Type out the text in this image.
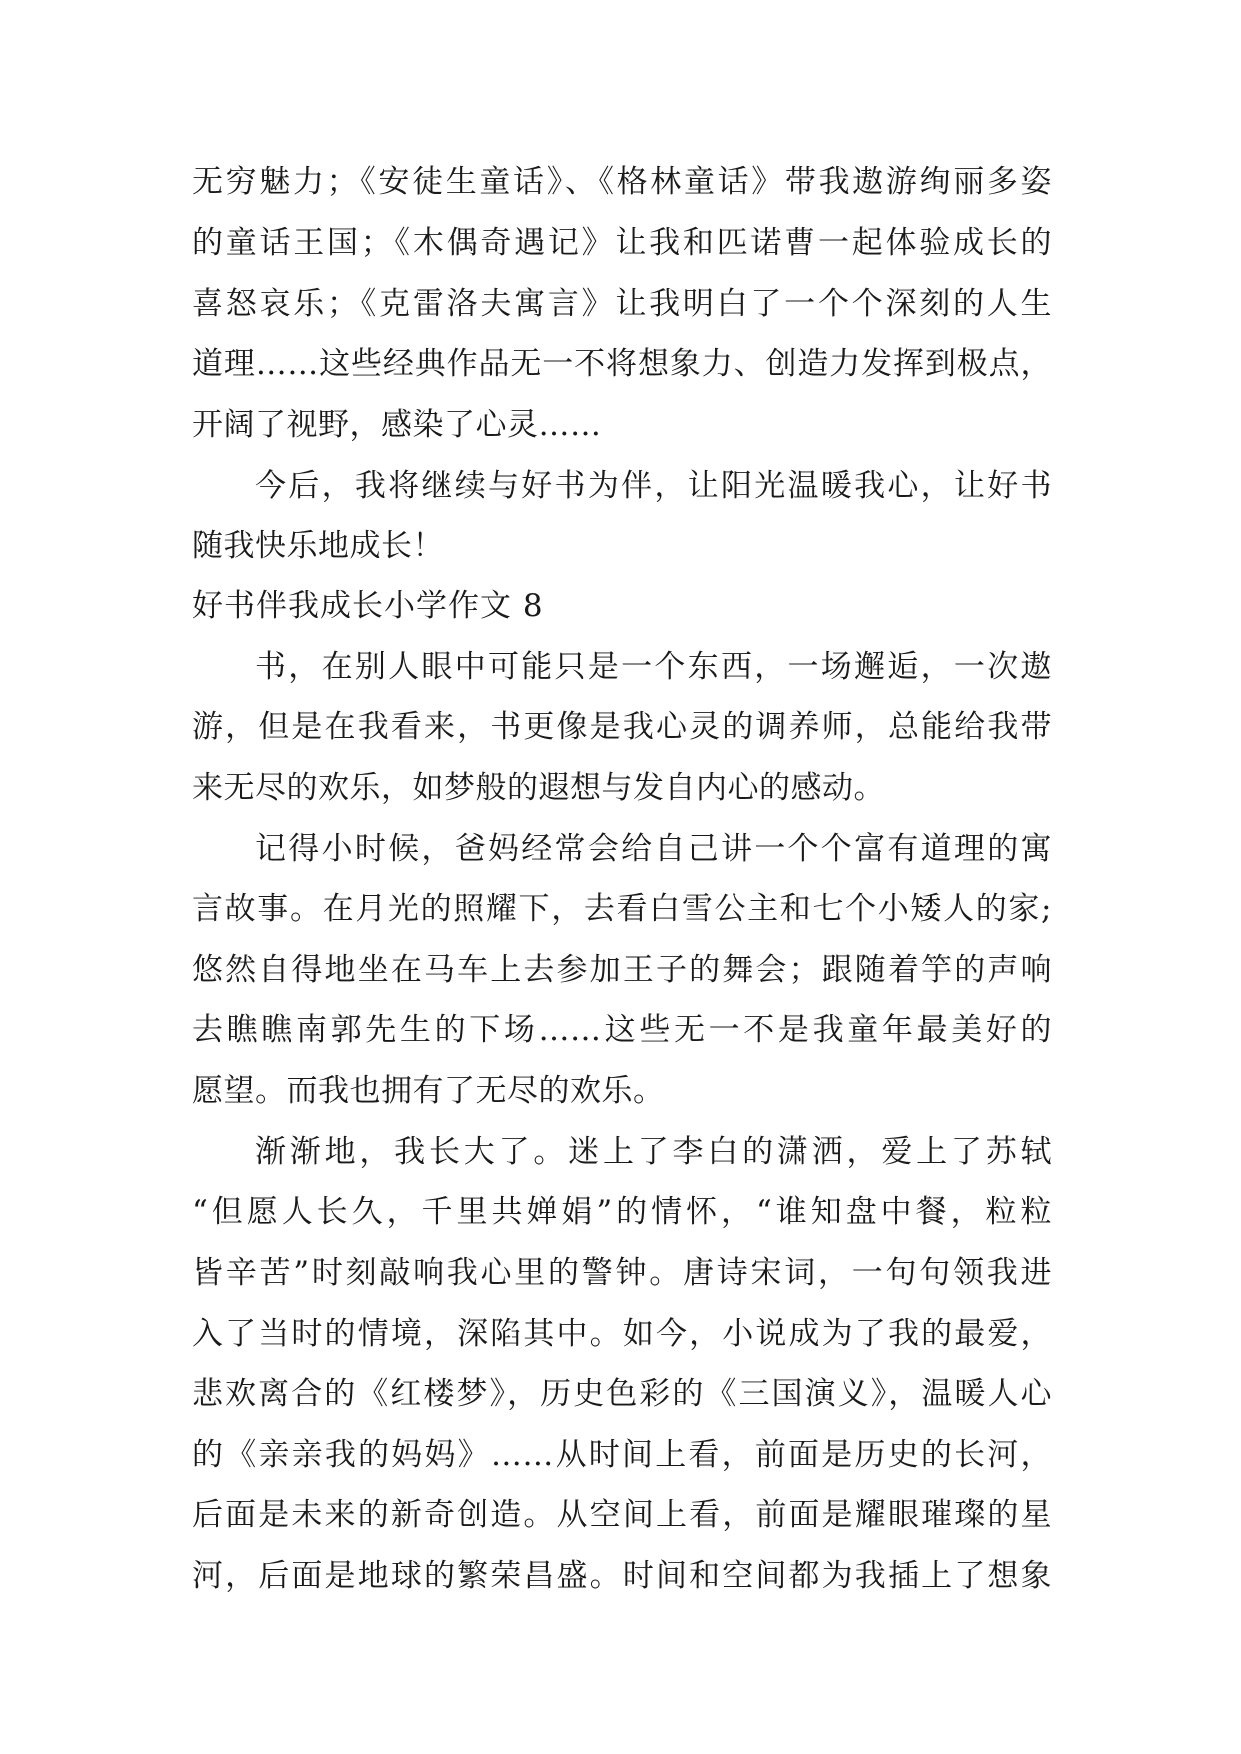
无穷魅力；《安徒生童话》、《格林童话》带我遨游绚丽多姿
的童话王国；《木偶奇遇记》让我和匹诺曹一起体验成长的
喜怒哀乐；《克雷洛夫寓言》让我明白了一个个深刻的人生
道理……这些经典作品无一不将想象力、创造力发挥到极点，
开阔了视野，感染了心灵……
今后，我将继续与好书为伴，让阳光温暖我心，让好书
随我快乐地成长！
好书伴我成长小学作文 8
书，在别人眼中可能只是一个东西，一场邂逅，一次遨
游，但是在我看来，书更像是我心灵的调养师，总能给我带
来无尽的欢乐，如梦般的遐想与发自内心的感动。
记得小时候，爸妈经常会给自己讲一个个富有道理的寓
言故事。在月光的照耀下，去看白雪公主和七个小矮人的家;
悠然自得地坐在马车上去参加王子的舞会；跟随着竽的声响
去瞧瞧南郭先生的下场……这些无一不是我童年最美好的
愿望。而我也拥有了无尽的欢乐。
渐渐地，我长大了。迷上了李白的潇洒，爱上了苏轼
“但愿人长久，千里共婵娟”的情怀，“谁知盘中餐，粒粒
皆辛苦”时刻敲响我心里的警钟。唐诗宋词，一句句领我进
入了当时的情境，深陷其中。如今，小说成为了我的最爱，
悲欢离合的《红楼梦》，历史色彩的《三国演义》，温暖人心
的《亲亲我的妈妈》……从时间上看，前面是历史的长河，
后面是未来的新奇创造。从空间上看，前面是耀眼璀璨的星
河，后面是地球的繁荣昌盛。时间和空间都为我插上了想象
